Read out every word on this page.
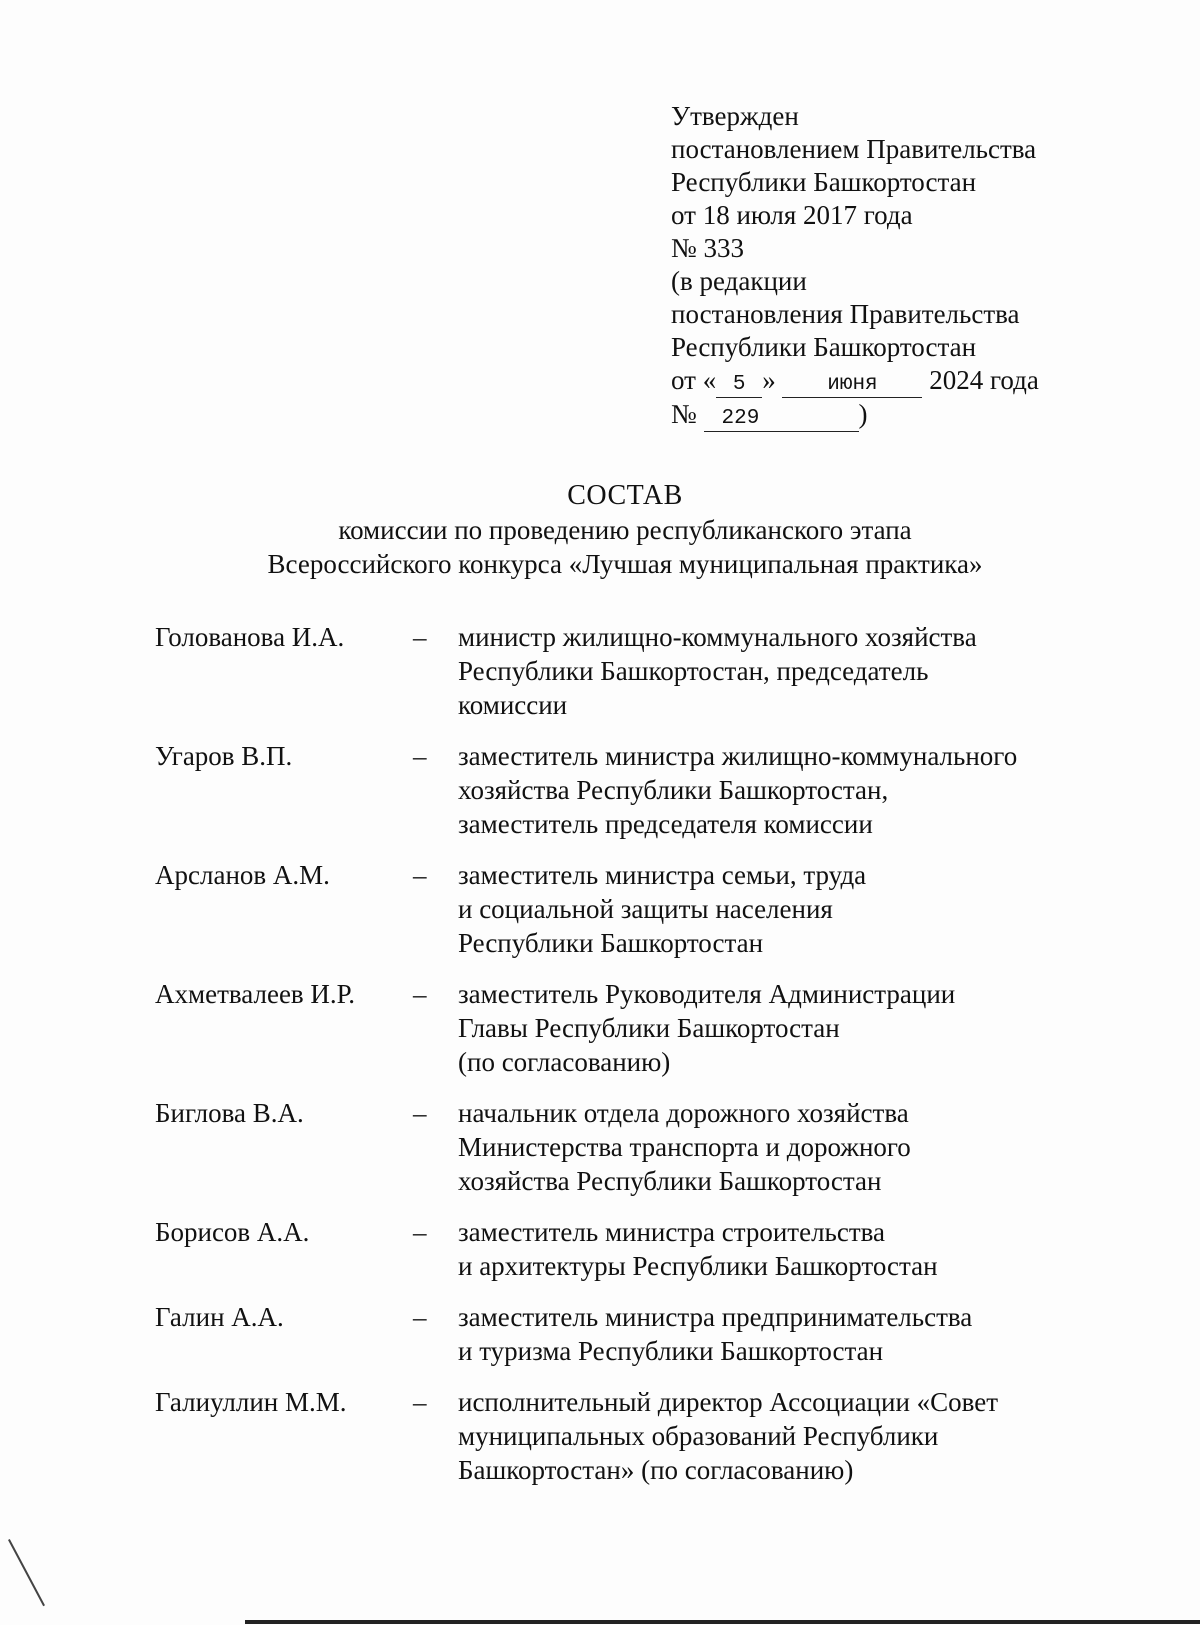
Утвержден
постановлением Правительства
Республики Башкортостан
от 18 июля 2017 года
№ 333
(в редакции
постановления Правительства
Республики Башкортостан
от « 5 » июня 2024 года
№ 229	)
СОСТАВ
комиссии по проведению республиканского этапа
Всероссийского конкурса «Лучшая муниципальная практика»
Голованова И.А.	–	министр жилищно-коммунального хозяйства
Республики Башкортостан, председатель
комиссии
Угаров В.П.	–	заместитель министра жилищно-коммунального
хозяйства Республики Башкортостан,
заместитель председателя комиссии
Арсланов А.М.	–	заместитель министра семьи, труда
и социальной защиты населения
Республики Башкортостан
Ахметвалеев И.Р.	–	заместитель Руководителя Администрации
Главы Республики Башкортостан
(по согласованию)
Биглова В.А.	–	начальник отдела дорожного хозяйства
Министерства транспорта и дорожного
хозяйства Республики Башкортостан
Борисов А.А.	–	заместитель министра строительства
и архитектуры Республики Башкортостан
Галин А.А.	–	заместитель министра предпринимательства
и туризма Республики Башкортостан
Галиуллин М.М.	–	исполнительный директор Ассоциации «Совет
муниципальных образований Республики
Башкортостан» (по согласованию)
